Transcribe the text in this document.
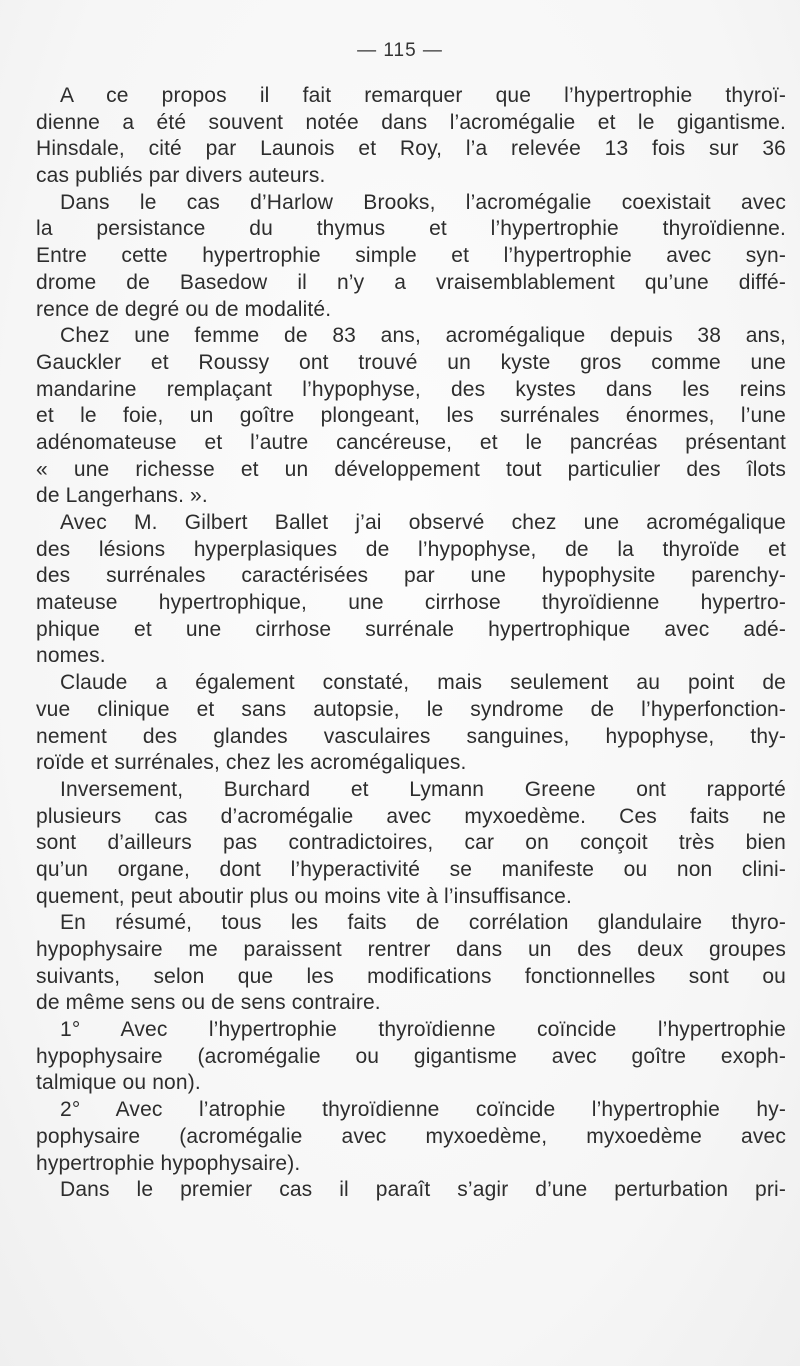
— 115 —
A ce propos il fait remarquer que l’hypertrophie thyroï-
dienne a été souvent notée dans l’acromégalie et le gigantisme.
Hinsdale, cité par Launois et Roy, l’a relevée 13 fois sur 36
cas publiés par divers auteurs.
Dans le cas d’Harlow Brooks, l’acromégalie coexistait avec
la persistance du thymus et l’hypertrophie thyroïdienne.
Entre cette hypertrophie simple et l’hypertrophie avec syn-
drome de Basedow il n’y a vraisemblablement qu’une diffé-
rence de degré ou de modalité.
Chez une femme de 83 ans, acromégalique depuis 38 ans,
Gauckler et Roussy ont trouvé un kyste gros comme une
mandarine remplaçant l’hypophyse, des kystes dans les reins
et le foie, un goître plongeant, les surrénales énormes, l’une
adénomateuse et l’autre cancéreuse, et le pancréas présentant
« une richesse et un développement tout particulier des îlots
de Langerhans. ».
Avec M. Gilbert Ballet j’ai observé chez une acromégalique
des lésions hyperplasiques de l’hypophyse, de la thyroïde et
des surrénales caractérisées par une hypophysite parenchy-
mateuse hypertrophique, une cirrhose thyroïdienne hypertro-
phique et une cirrhose surrénale hypertrophique avec adé-
nomes.
Claude a également constaté, mais seulement au point de
vue clinique et sans autopsie, le syndrome de l’hyperfonction-
nement des glandes vasculaires sanguines, hypophyse, thy-
roïde et surrénales, chez les acromégaliques.
Inversement, Burchard et Lymann Greene ont rapporté
plusieurs cas d’acromégalie avec myxoedème. Ces faits ne
sont d’ailleurs pas contradictoires, car on conçoit très bien
qu’un organe, dont l’hyperactivité se manifeste ou non clini-
quement, peut aboutir plus ou moins vite à l’insuffisance.
En résumé, tous les faits de corrélation glandulaire thyro-
hypophysaire me paraissent rentrer dans un des deux groupes
suivants, selon que les modifications fonctionnelles sont ou
de même sens ou de sens contraire.
1° Avec l’hypertrophie thyroïdienne coïncide l’hypertrophie
hypophysaire (acromégalie ou gigantisme avec goître exoph-
talmique ou non).
2° Avec l’atrophie thyroïdienne coïncide l’hypertrophie hy-
pophysaire (acromégalie avec myxoedème, myxoedème avec
hypertrophie hypophysaire).
Dans le premier cas il paraît s’agir d’une perturbation pri-
